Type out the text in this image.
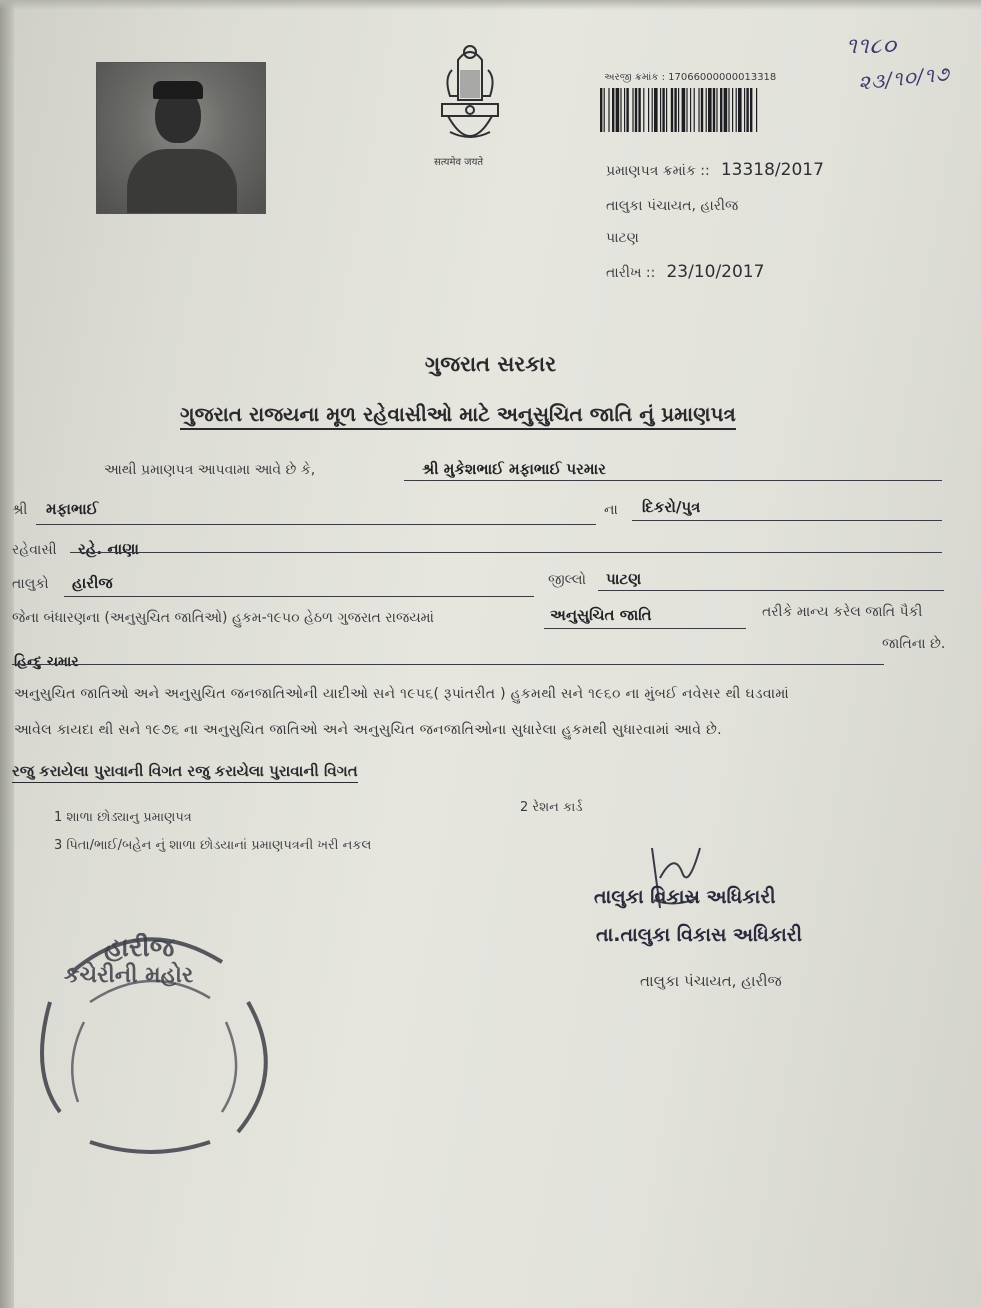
सत्यमेव जयते
અરજી ક્રમાંક : 17066000000013318
૧૧૮૦
૨૩/૧૦/૧૭
પ્રમાણપત્ર ક્રમાંક :: 13318/2017
તાલુકા પંચાયત, હારીજ
પાટણ
તારીખ :: 23/10/2017
ગુજરાત સરકાર
ગુજરાત રાજયના મૂળ રહેવાસીઓ માટે અનુસુચિત જાતિ નું પ્રમાણપત્ર
આથી પ્રમાણપત્ર આપવામા આવે છે કે,	શ્રી મુકેશભાઈ મફાભાઈ પરમાર
શ્રી મફાભાઈ	ના દિકરો/પુત્ર
રહેવાસી રહે. નાણા
તાલુકો હારીજ	જીલ્લો પાટણ
જેના બંધારણના (અનુસુચિત જાતિઓ) હુકમ-૧૯૫૦ હેઠળ ગુજરાત રાજયમાં	અનુસુચિત જાતિ	તરીકે માન્ય કરેલ જાતિ પૈકી
જાતિના છે.
હિન્દુ ચમાર
અનુસુચિત જાતિઓ અને અનુસુચિત જનજાતિઓની યાદીઓ સને ૧૯૫૬( રૂપાંતરીત ) હુકમથી સને ૧૯૬૦ ના મુંબઈ નવેસર થી ઘડવામાં
આવેલ કાયદા થી સને ૧૯૭૬ ના અનુસુચિત જાતિઓ અને અનુસુચિત જનજાતિઓના સુધારેલા હુકમથી સુધારવામાં આવે છે.
રજુ કરાયેલા પુરાવાની વિગત રજુ કરાયેલા પુરાવાની વિગત
1 શાળા છોડ્યાનુ પ્રમાણપત્ર
2 રેશન કાર્ડ
3 પિતા/ભાઈ/બહેન નું શાળા છોડયાનાં પ્રમાણપત્રની ખરી નકલ
તાલુકા વિકાસ અધિકારી
તા.તાલુકા વિકાસ અધિકારી
તાલુકા પંચાયત, હારીજ
હારીજ
કચેરીની મહોર
